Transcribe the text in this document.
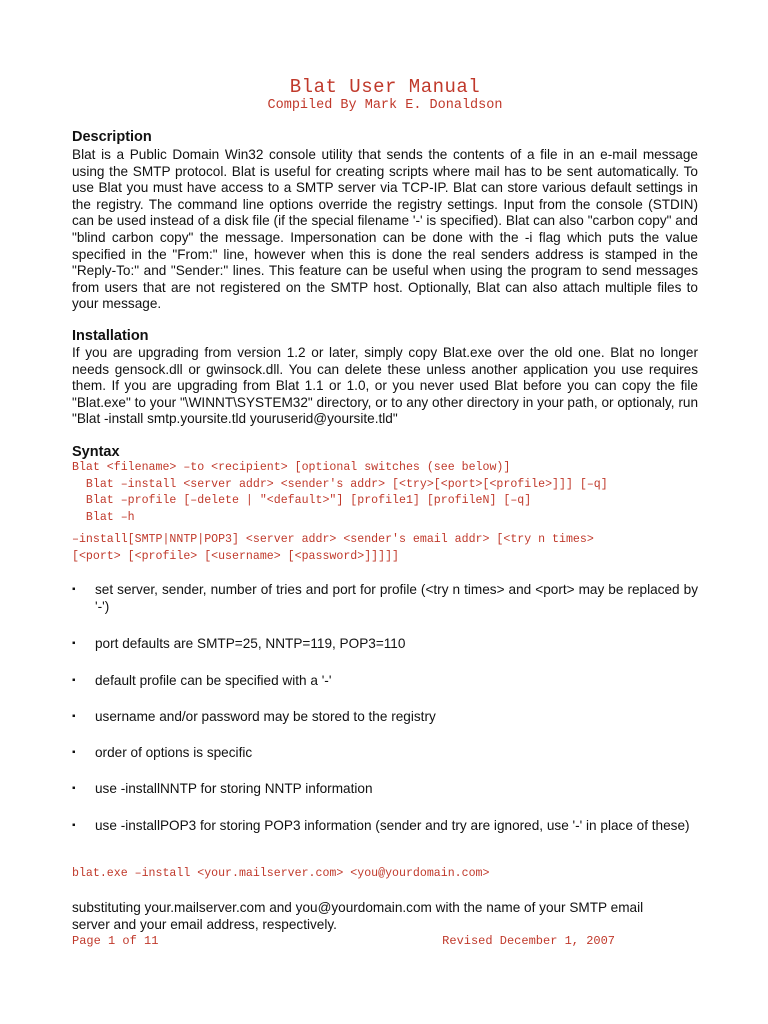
Blat User Manual
Compiled By Mark E. Donaldson
Description
Blat is a Public Domain Win32 console utility that sends the contents of a file in an e-mail message using the SMTP protocol. Blat is useful for creating scripts where mail has to be sent automatically. To use Blat you must have access to a SMTP server via TCP-IP. Blat can store various default settings in the registry. The command line options override the registry settings. Input from the console (STDIN) can be used instead of a disk file (if the special filename '-' is specified). Blat can also "carbon copy" and "blind carbon copy" the message. Impersonation can be done with the -i flag which puts the value specified in the "From:" line, however when this is done the real senders address is stamped in the "Reply-To:" and "Sender:" lines. This feature can be useful when using the program to send messages from users that are not registered on the SMTP host. Optionally, Blat can also attach multiple files to your message.
Installation
If you are upgrading from version 1.2 or later, simply copy Blat.exe over the old one. Blat no longer needs gensock.dll or gwinsock.dll. You can delete these unless another application you use requires them. If you are upgrading from Blat 1.1 or 1.0, or you never used Blat before you can copy the file "Blat.exe" to your "\WINNT\SYSTEM32" directory, or to any other directory in your path, or optionaly, run "Blat -install smtp.yoursite.tld youruserid@yoursite.tld"
Syntax
Blat <filename> –to <recipient> [optional switches (see below)]
Blat –install <server addr> <sender's addr> [<try>[<port>[<profile>]]] [–q]
Blat –profile [–delete | "<default>"] [profile1] [profileN] [–q]
Blat –h
–install[SMTP|NNTP|POP3] <server addr> <sender's email addr> [<try n times>
[<port> [<profile> [<username> [<password>]]]]]
▪ set server, sender, number of tries and port for profile (<try n times> and <port> may be replaced by '-')
▪ port defaults are SMTP=25, NNTP=119, POP3=110
▪ default profile can be specified with a '-'
▪ username and/or password may be stored to the registry
▪ order of options is specific
▪ use -installNNTP for storing NNTP information
▪ use -installPOP3 for storing POP3 information (sender and try are ignored, use '-' in place of these)
blat.exe –install <your.mailserver.com> <you@yourdomain.com>
substituting your.mailserver.com and you@yourdomain.com with the name of your SMTP email server and your email address, respectively.
Page 1 of 11	Revised December 1, 2007
